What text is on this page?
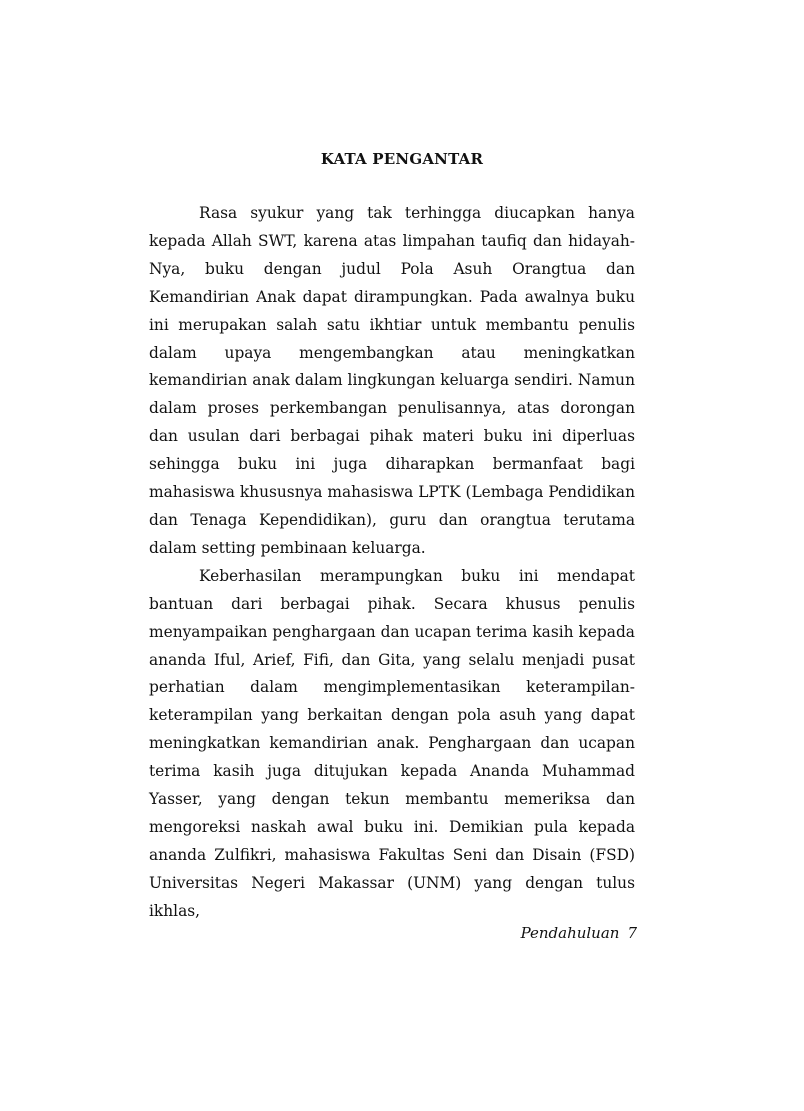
KATA PENGANTAR

Rasa syukur yang tak terhingga diucapkan hanya kepada Allah SWT, karena atas limpahan taufiq dan hidayah-Nya, buku dengan judul Pola Asuh Orangtua dan Kemandirian Anak dapat dirampungkan. Pada awalnya buku ini merupakan salah satu ikhtiar untuk membantu penulis dalam upaya mengembangkan atau meningkatkan kemandirian anak dalam lingkungan keluarga sendiri. Namun dalam proses perkembangan penulisannya, atas dorongan dan usulan dari berbagai pihak materi buku ini diperluas sehingga buku ini juga diharapkan bermanfaat bagi mahasiswa khususnya mahasiswa LPTK (Lembaga Pendidikan dan Tenaga Kependidikan), guru dan orangtua terutama dalam setting pembinaan keluarga.

Keberhasilan merampungkan buku ini mendapat bantuan dari berbagai pihak. Secara khusus penulis menyampaikan penghargaan dan ucapan terima kasih kepada ananda Iful, Arief, Fifi, dan Gita, yang selalu menjadi pusat perhatian dalam mengimplementasikan keterampilan-keterampilan yang berkaitan dengan pola asuh yang dapat meningkatkan kemandirian anak. Penghargaan dan ucapan terima kasih juga ditujukan kepada Ananda Muhammad Yasser, yang dengan tekun membantu memeriksa dan mengoreksi naskah awal buku ini. Demikian pula kepada ananda Zulfikri, mahasiswa Fakultas Seni dan Disain (FSD) Universitas Negeri Makassar (UNM) yang dengan tulus ikhlas,

Pendahuluan 7
